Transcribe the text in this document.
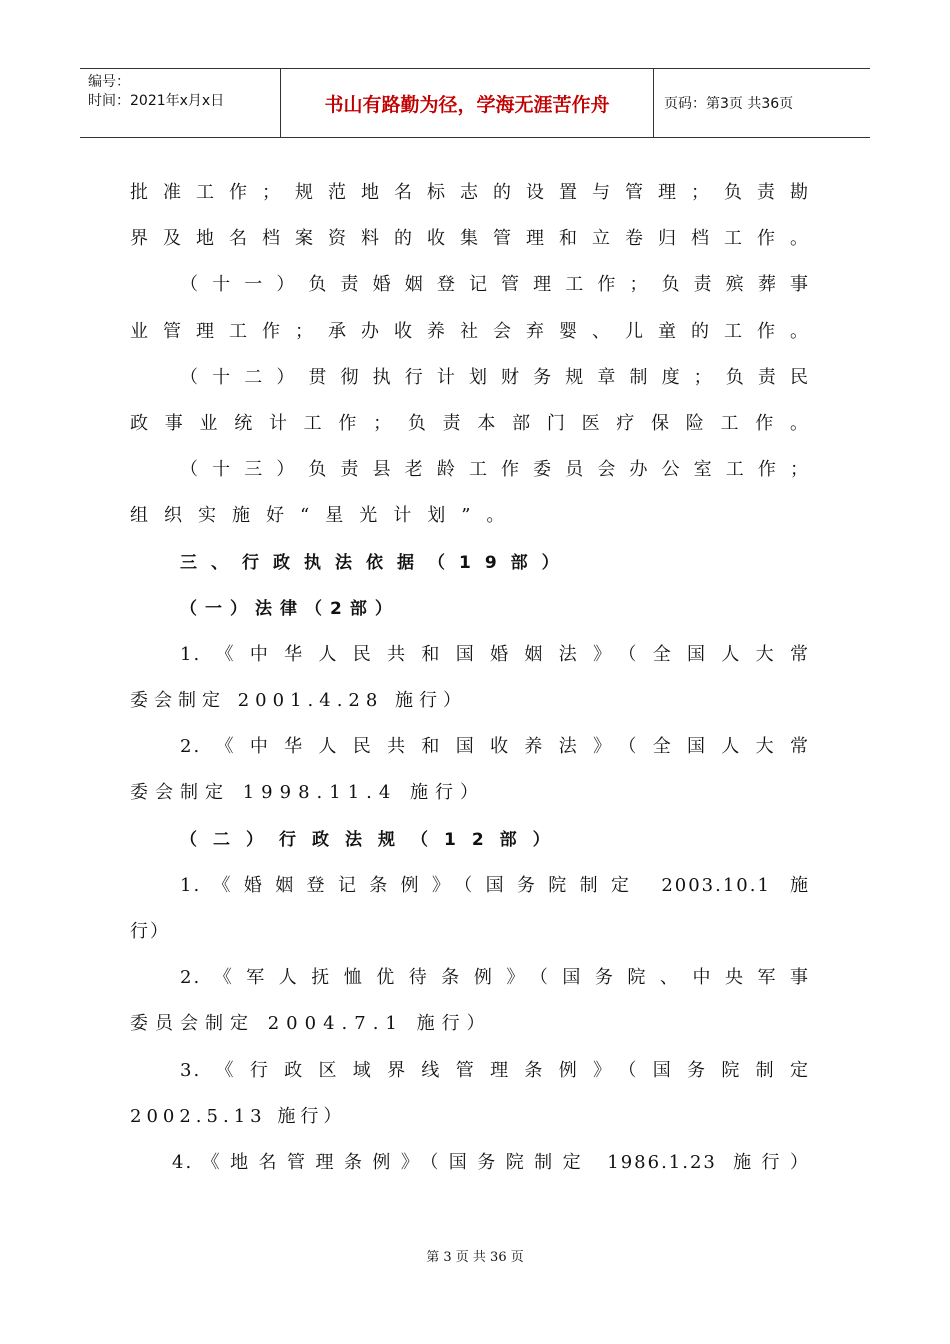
编号：
时间：2021年x月x日	书山有路勤为径，学海无涯苦作舟	页码：第3页 共36页
批准工作；规范地名标志的设置与管理；负责勘
界及地名档案资料的收集管理和立卷归档工作。
（十一）负责婚姻登记管理工作；负责殡葬事
业管理工作；承办收养社会弃婴、儿童的工作。
（十二）贯彻执行计划财务规章制度；负责民
政事业统计工作；负责本部门医疗保险工作。
（十三）负责县老龄工作委员会办公室工作；
组织实施好“星光计划”。
三、行政执法依据（19部）
（一）法律（2部）
1.《中华人民共和国婚姻法》（全国人大常
委会制定 2001.4.28 施行）
2.《中华人民共和国收养法》（全国人大常
委会制定 1998.11.4 施行）
（二）行政法规（12部）
1.《婚姻登记条例》（国务院制定 2003.10.1 施
行）
2.《军人抚恤优待条例》（国务院、中央军事
委员会制定 2004.7.1 施行）
3.《行政区域界线管理条例》（国务院制定
2002.5.13 施行）
4.《地名管理条例》（国务院制定 1986.1.23 施行）
第 3 页 共 36 页
